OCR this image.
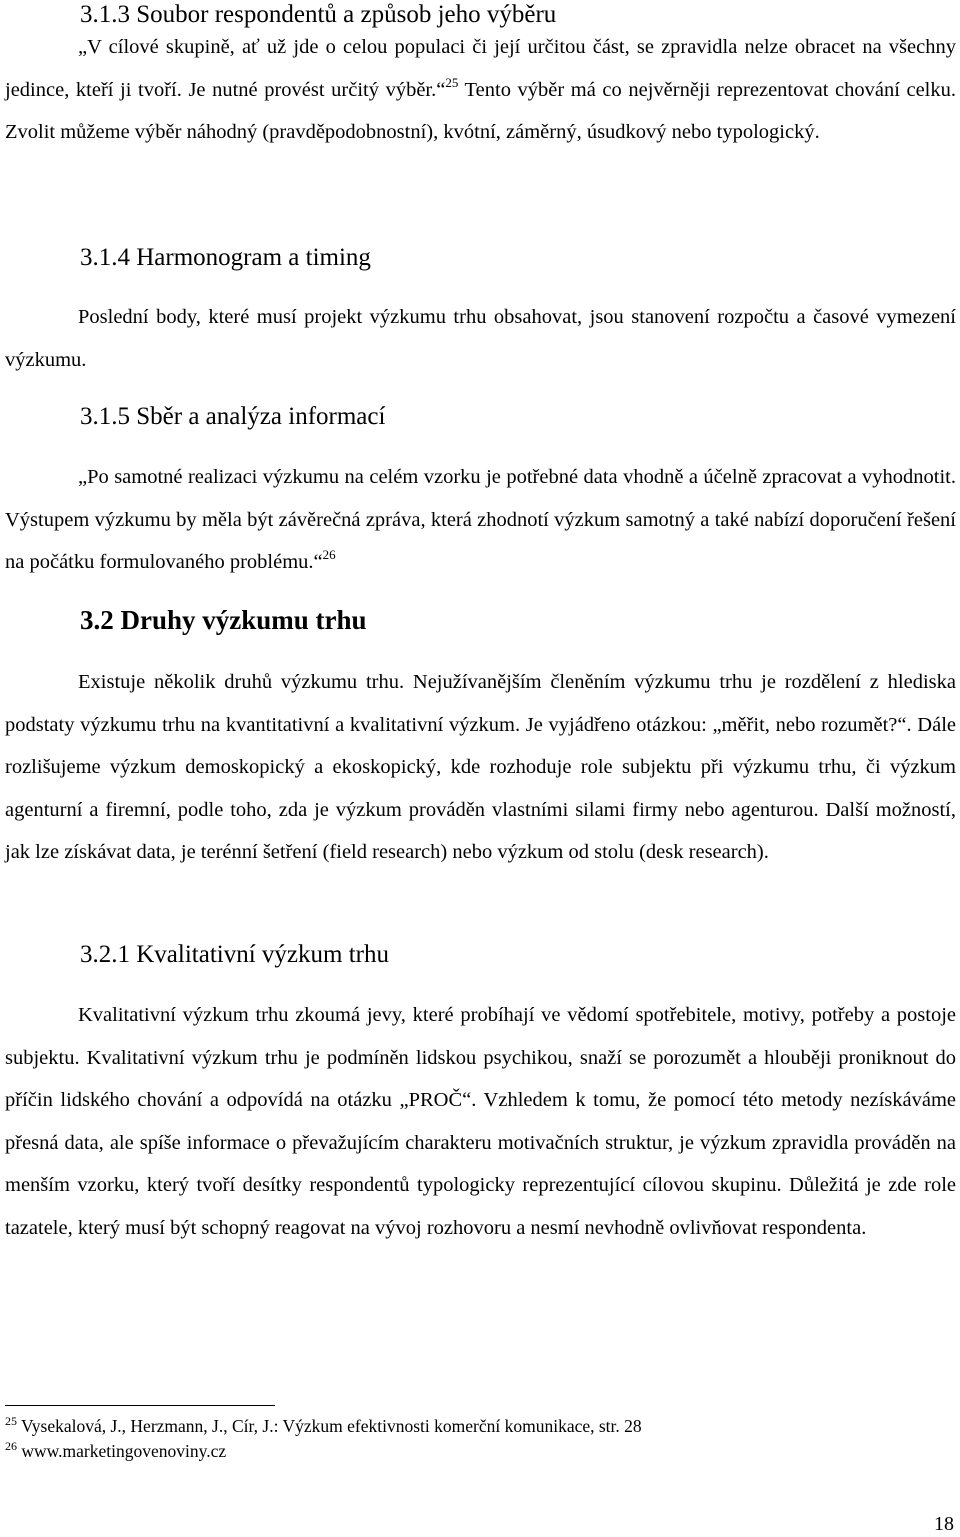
3.1.3 Soubor respondentů a způsob jeho výběru

„V cílové skupině, ať už jde o celou populaci či její určitou část, se zpravidla nelze obracet na všechny jedince, kteří ji tvoří. Je nutné provést určitý výběr.“$^{25}$ Tento výběr má co nejvěrněji reprezentovat chování celku. Zvolit můžeme výběr náhodný (pravděpodobnostní), kvótní, záměrný, úsudkový nebo typologický.

3.1.4 Harmonogram a timing

Poslední body, které musí projekt výzkumu trhu obsahovat, jsou stanovení rozpočtu a časové vymezení výzkumu.

3.1.5 Sběr a analýza informací

„Po samotné realizaci výzkumu na celém vzorku je potřebné data vhodně a účelně zpracovat a vyhodnotit. Výstupem výzkumu by měla být závěrečná zpráva, která zhodnotí výzkum samotný a také nabízí doporučení řešení na počátku formulovaného problému.“$^{26}$

3.2 Druhy výzkumu trhu

Existuje několik druhů výzkumu trhu. Nejužívanějším členěním výzkumu trhu je rozdělení z hlediska podstaty výzkumu trhu na kvantitativní a kvalitativní výzkum. Je vyjádřeno otázkou: „měřit, nebo rozumět?“. Dále rozlišujeme výzkum demoskopický a ekoskopický, kde rozhoduje role subjektu při výzkumu trhu, či výzkum agenturní a firemní, podle toho, zda je výzkum prováděn vlastními silami firmy nebo agenturou. Další možností, jak lze získávat data, je terénní šetření (field research) nebo výzkum od stolu (desk research).

3.2.1 Kvalitativní výzkum trhu

Kvalitativní výzkum trhu zkoumá jevy, které probíhají ve vědomí spotřebitele, motivy, potřeby a postoje subjektu. Kvalitativní výzkum trhu je podmíněn lidskou psychikou, snaží se porozumět a hlouběji proniknout do příčin lidského chování a odpovídá na otázku „PROČ“. Vzhledem k tomu, že pomocí této metody nezískáváme přesná data, ale spíše informace o převažujícím charakteru motivačních struktur, je výzkum zpravidla prováděn na menším vzorku, který tvoří desítky respondentů typologicky reprezentující cílovou skupinu. Důležitá je zde role tazatele, který musí být schopný reagovat na vývoj rozhovoru a nesmí nevhodně ovlivňovat respondenta.

$^{25}$ Vysekalová, J., Herzmann, J., Cír, J.: Výzkum efektivnosti komerční komunikace, str. 28
$^{26}$ www.marketingovenoviny.cz
18
